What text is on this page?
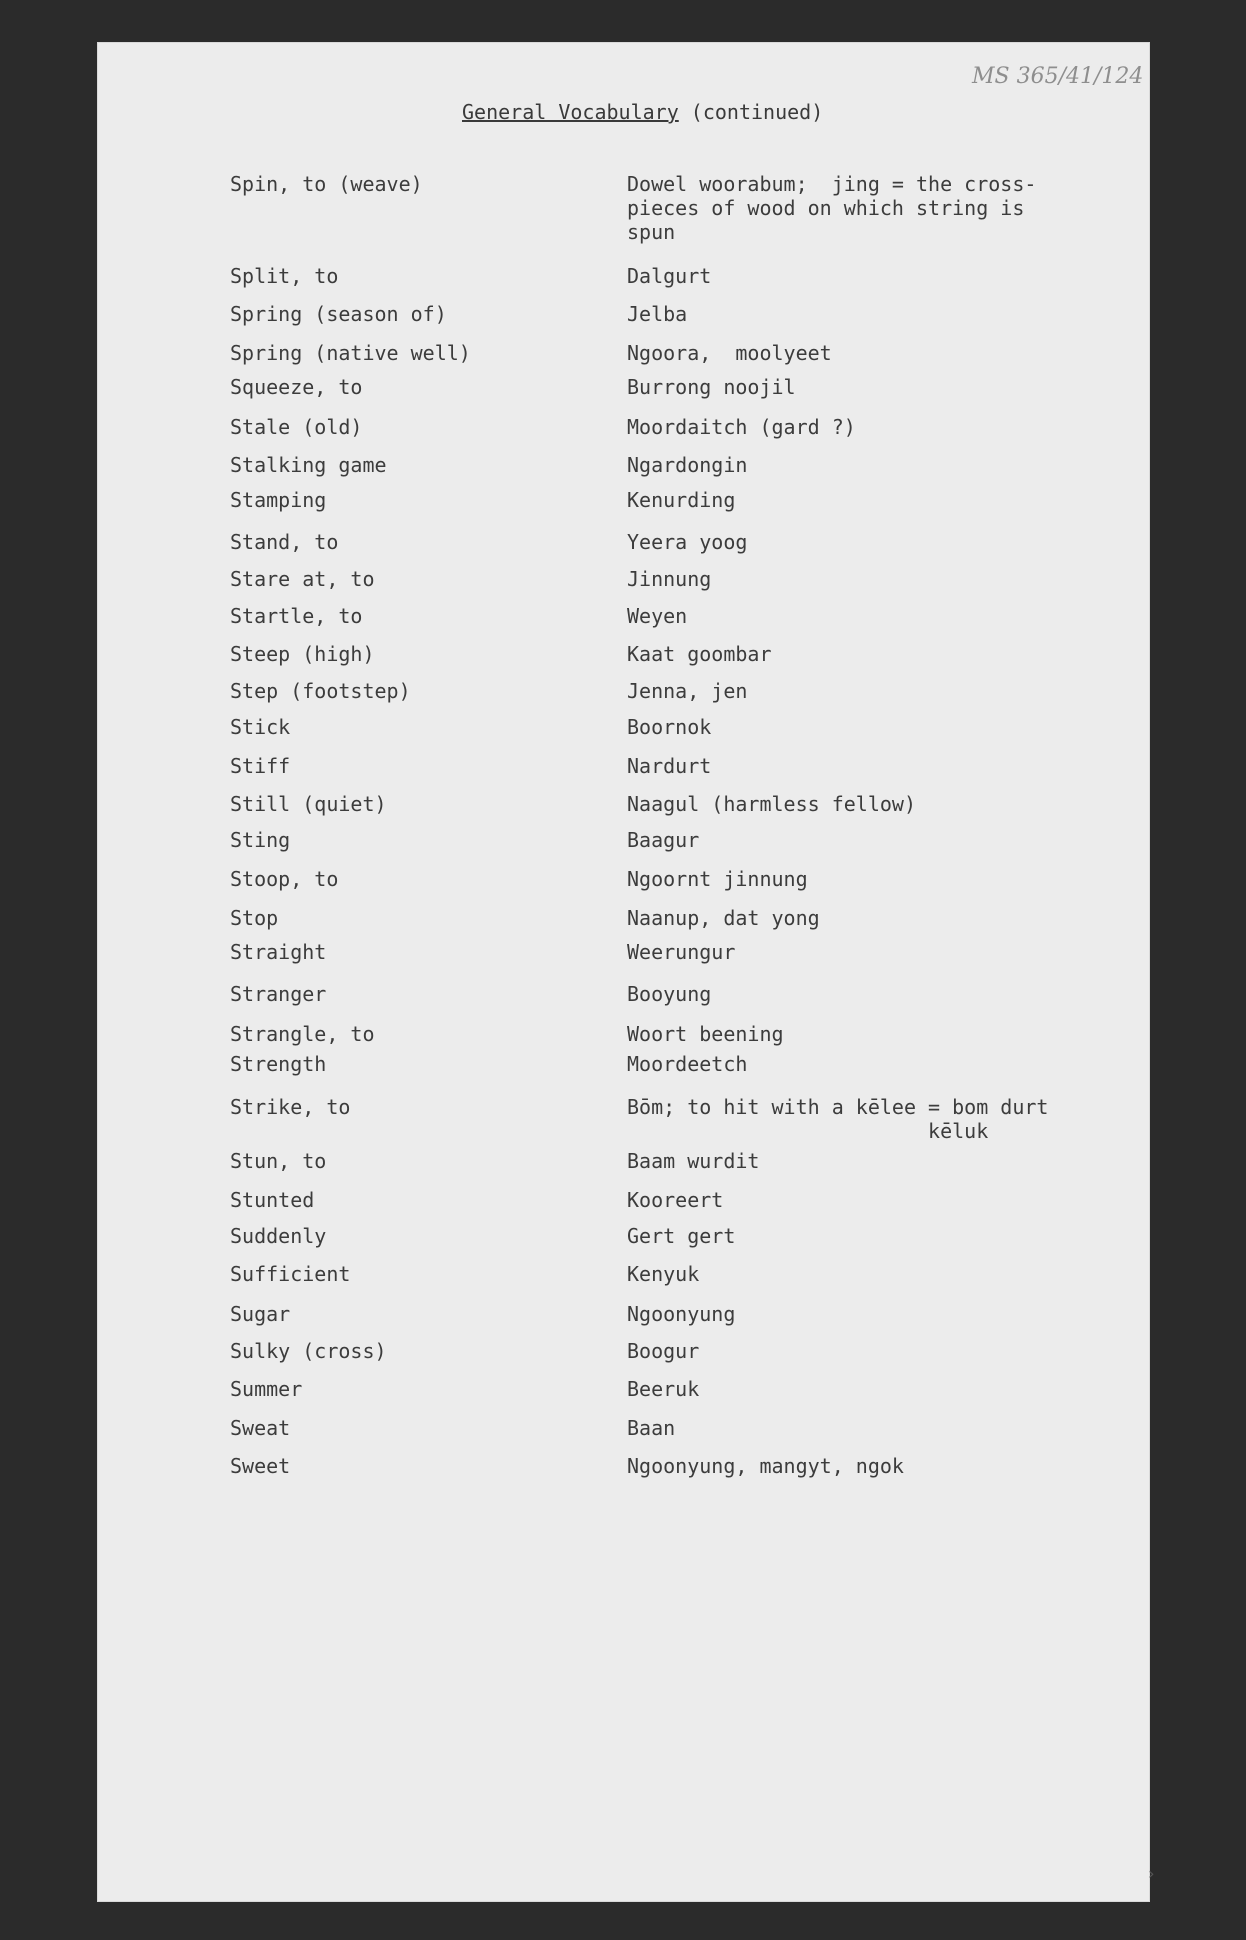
MS 365/41/124
General Vocabulary (continued)
Spin, to (weave)	Dowel woorabum;  jing = the cross-
pieces of wood on which string is
spun
Split, to	Dalgurt
Spring (season of)	Jelba
Spring (native well)	Ngoora,  moolyeet
Squeeze, to	Burrong noojil
Stale (old)	Moordaitch (gard ?)
Stalking game	Ngardongin
Stamping	Kenurding
Stand, to	Yeera yoog
Stare at, to	Jinnung
Startle, to	Weyen
Steep (high)	Kaat goombar
Step (footstep)	Jenna, jen
Stick	Boornok
Stiff	Nardurt
Still (quiet)	Naagul (harmless fellow)
Sting	Baagur
Stoop, to	Ngoornt jinnung
Stop	Naanup, dat yong
Straight	Weerungur
Stranger	Booyung
Strangle, to	Woort beening
Strength	Moordeetch
Strike, to	Bōm; to hit with a kēlee = bom durt
kēluk
Stun, to	Baam wurdit
Stunted	Kooreert
Suddenly	Gert gert
Sufficient	Kenyuk
Sugar	Ngoonyung
Sulky (cross)	Boogur
Summer	Beeruk
Sweat	Baan
Sweet	Ngoonyung, mangyt, ngok
›
